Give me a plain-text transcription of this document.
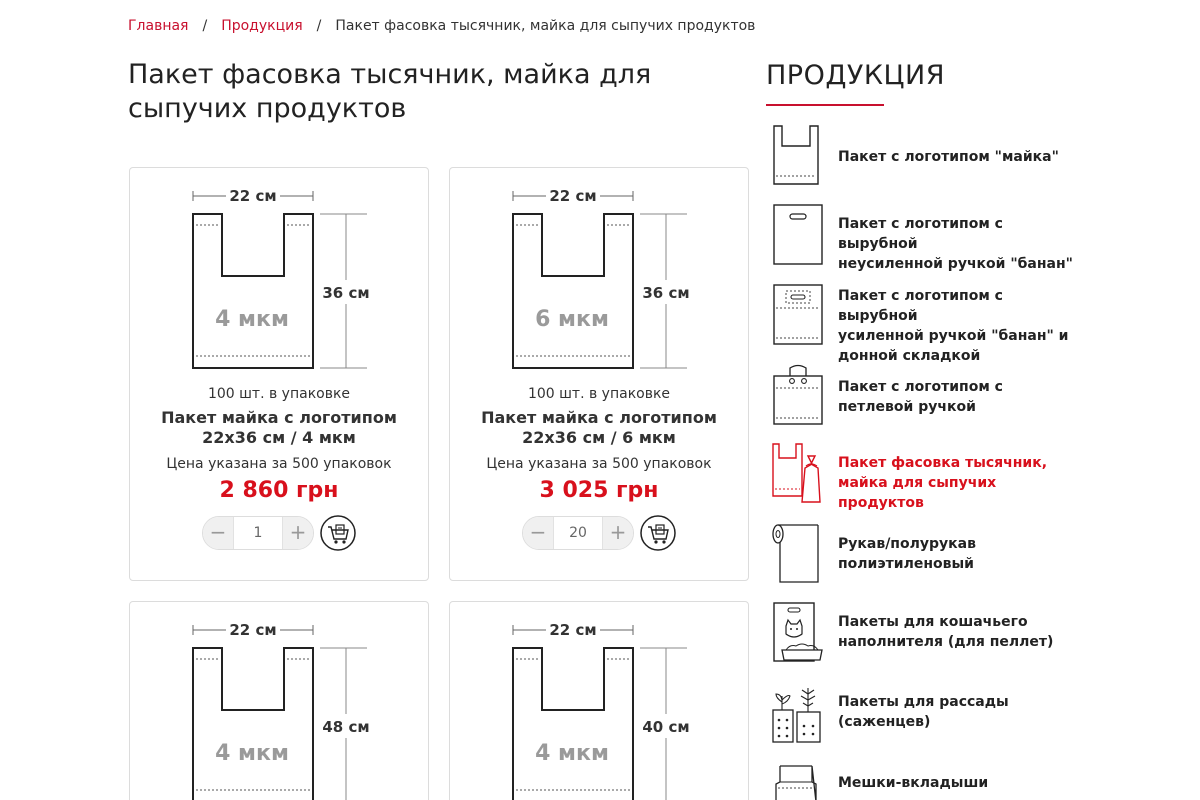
Главная / Продукция / Пакет фасовка тысячник, майка для сыпучих продуктов
Пакет фасовка тысячник, майка для сыпучих продуктов
22 см
4 мкм
36 см
100 шт. в упаковке
Пакет майка с логотипом
22х36 см / 4 мкм
Цена указана за 500 упаковок
2 860 грн
−	1	+
22 см
6 мкм
36 см
100 шт. в упаковке
Пакет майка с логотипом
22х36 см / 6 мкм
Цена указана за 500 упаковок
3 025 грн
−	20	+
22 см
4 мкм
48 см

22 см
4 мкм
40 см

ПРОДУКЦИЯ
Пакет с логотипом "майка"
Пакет с логотипом с вырубной
неусиленной ручкой "банан"
Пакет с логотипом с вырубной
усиленной ручкой "банан" и
донной складкой
Пакет с логотипом с
петлевой ручкой
Пакет фасовка тысячник,
майка для сыпучих продуктов
Рукав/полурукав
полиэтиленовый
Пакеты для кошачьего
наполнителя (для пеллет)
Пакеты для рассады
(саженцев)
Мешки-вкладыши
